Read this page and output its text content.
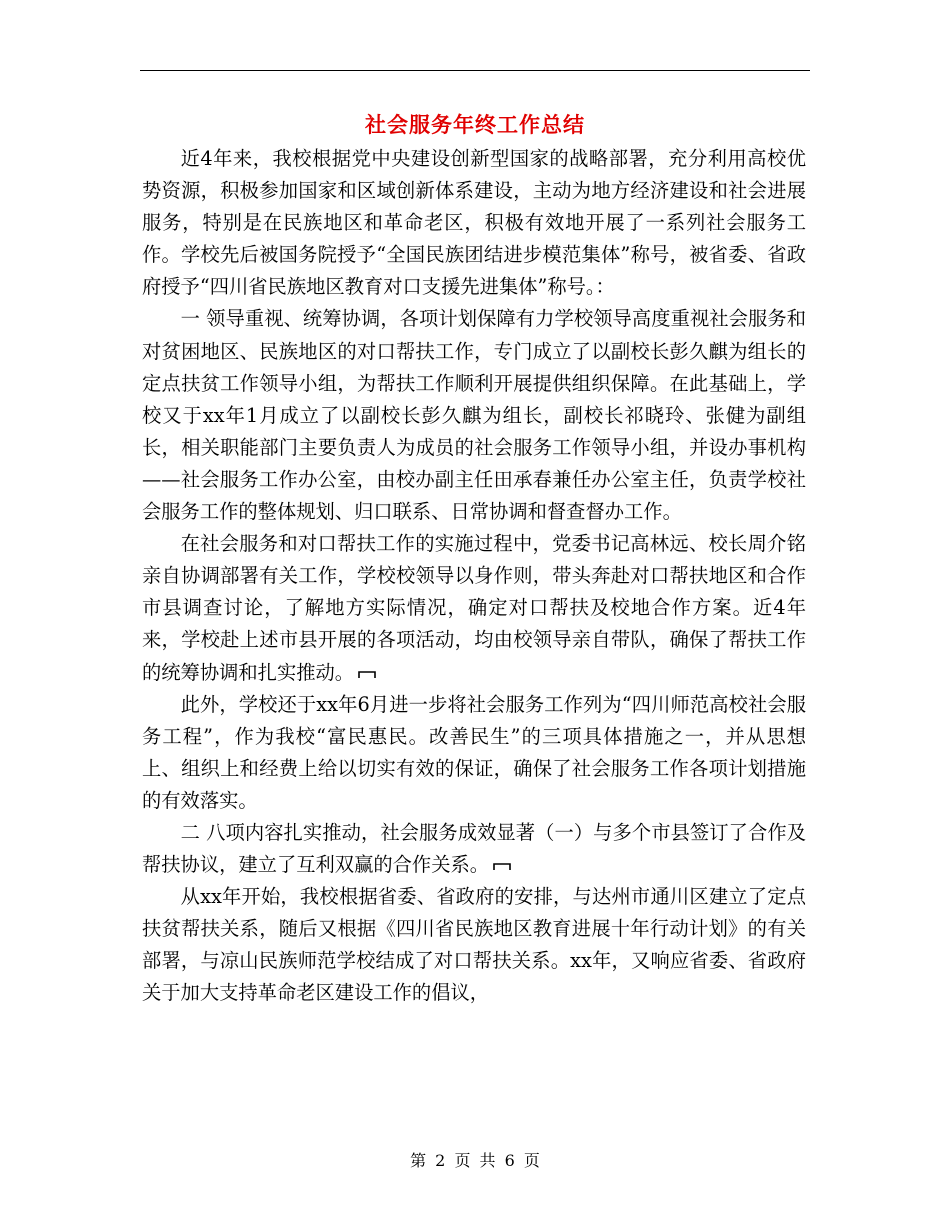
社会服务年终工作总结

近4年来，我校根据党中央建设创新型国家的战略部署，充分利用高校优势资源，积极参加国家和区域创新体系建设，主动为地方经济建设和社会进展服务，特别是在民族地区和革命老区，积极有效地开展了一系列社会服务工作。学校先后被国务院授予“全国民族团结进步模范集体”称号，被省委、省政府授予“四川省民族地区教育对口支援先进集体”称号。：

一 领导重视、统筹协调，各项计划保障有力学校领导高度重视社会服务和对贫困地区、民族地区的对口帮扶工作，专门成立了以副校长彭久麒为组长的定点扶贫工作领导小组，为帮扶工作顺利开展提供组织保障。在此基础上，学校又于xx年1月成立了以副校长彭久麒为组长，副校长祁晓玲、张健为副组长，相关职能部门主要负责人为成员的社会服务工作领导小组，并设办事机构——社会服务工作办公室，由校办副主任田承春兼任办公室主任，负责学校社会服务工作的整体规划、归口联系、日常协调和督查督办工作。

在社会服务和对口帮扶工作的实施过程中，党委书记高林远、校长周介铭亲自协调部署有关工作，学校校领导以身作则，带头奔赴对口帮扶地区和合作市县调查讨论，了解地方实际情况，确定对口帮扶及校地合作方案。近4年来，学校赴上述市县开展的各项活动，均由校领导亲自带队，确保了帮扶工作的统筹协调和扎实推动。

此外，学校还于xx年6月进一步将社会服务工作列为“四川师范高校社会服务工程”，作为我校“富民惠民。改善民生”的三项具体措施之一，并从思想上、组织上和经费上给以切实有效的保证，确保了社会服务工作各项计划措施的有效落实。

二 八项内容扎实推动，社会服务成效显著（一）与多个市县签订了合作及帮扶协议，建立了互利双赢的合作关系。

从xx年开始，我校根据省委、省政府的安排，与达州市通川区建立了定点扶贫帮扶关系，随后又根据《四川省民族地区教育进展十年行动计划》的有关部署，与凉山民族师范学校结成了对口帮扶关系。xx年，又响应省委、省政府关于加大支持革命老区建设工作的倡议，

第 2 页 共 6 页
